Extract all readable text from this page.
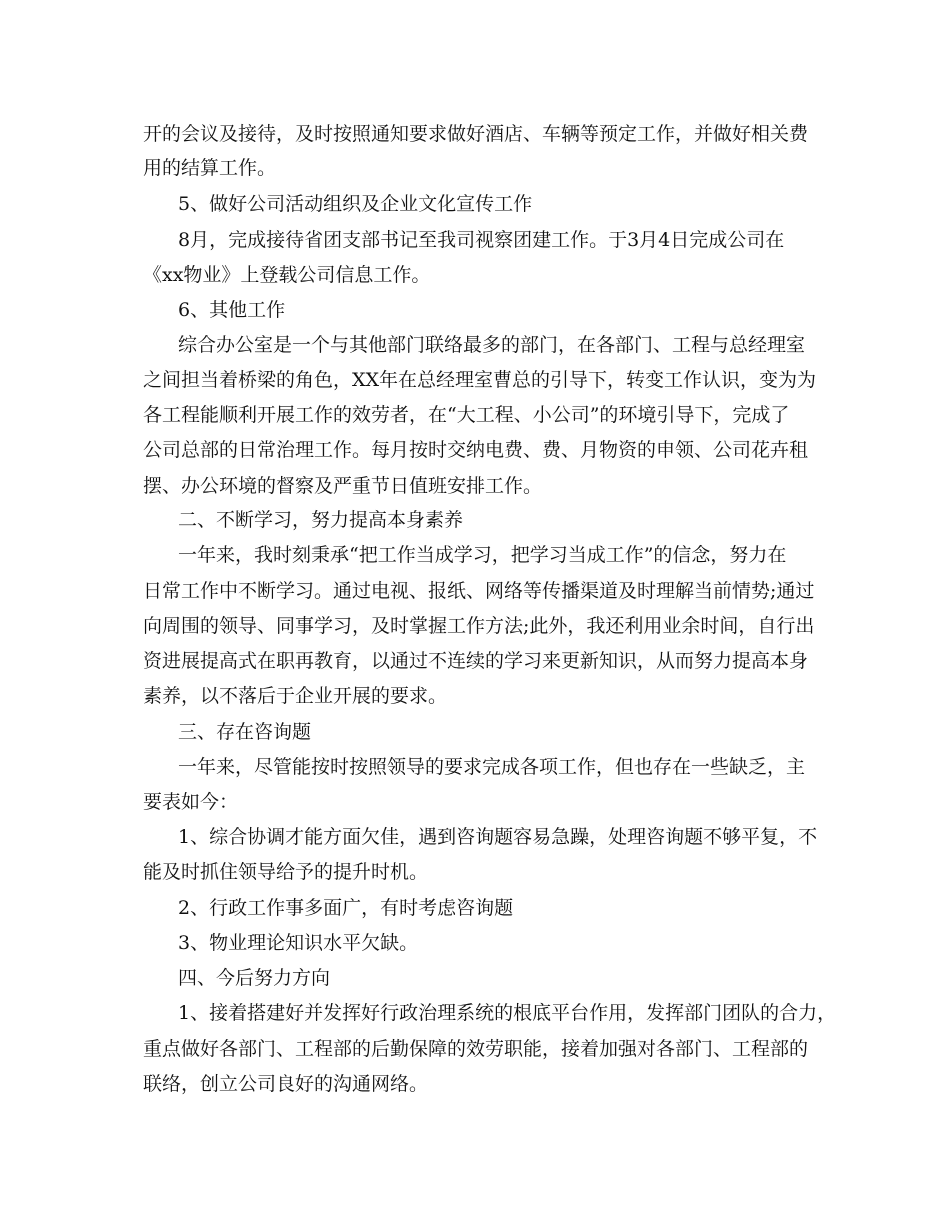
开的会议及接待，及时按照通知要求做好酒店、车辆等预定工作，并做好相关费
用的结算工作。
5、做好公司活动组织及企业文化宣传工作
8月，完成接待省团支部书记至我司视察团建工作。于3月4日完成公司在
《xx物业》上登载公司信息工作。
6、其他工作
综合办公室是一个与其他部门联络最多的部门，在各部门、工程与总经理室
之间担当着桥梁的角色，XX年在总经理室曹总的引导下，转变工作认识，变为为
各工程能顺利开展工作的效劳者，在“大工程、小公司”的环境引导下，完成了
公司总部的日常治理工作。每月按时交纳电费、费、月物资的申领、公司花卉租
摆、办公环境的督察及严重节日值班安排工作。
二、不断学习，努力提高本身素养
一年来，我时刻秉承“把工作当成学习，把学习当成工作”的信念，努力在
日常工作中不断学习。通过电视、报纸、网络等传播渠道及时理解当前情势;通过
向周围的领导、同事学习，及时掌握工作方法;此外，我还利用业余时间，自行出
资进展提高式在职再教育，以通过不连续的学习来更新知识，从而努力提高本身
素养，以不落后于企业开展的要求。
三、存在咨询题
一年来，尽管能按时按照领导的要求完成各项工作，但也存在一些缺乏，主
要表如今：
1、综合协调才能方面欠佳，遇到咨询题容易急躁，处理咨询题不够平复，不
能及时抓住领导给予的提升时机。
2、行政工作事多面广，有时考虑咨询题
3、物业理论知识水平欠缺。
四、今后努力方向
1、接着搭建好并发挥好行政治理系统的根底平台作用，发挥部门团队的合力，
重点做好各部门、工程部的后勤保障的效劳职能，接着加强对各部门、工程部的
联络，创立公司良好的沟通网络。
